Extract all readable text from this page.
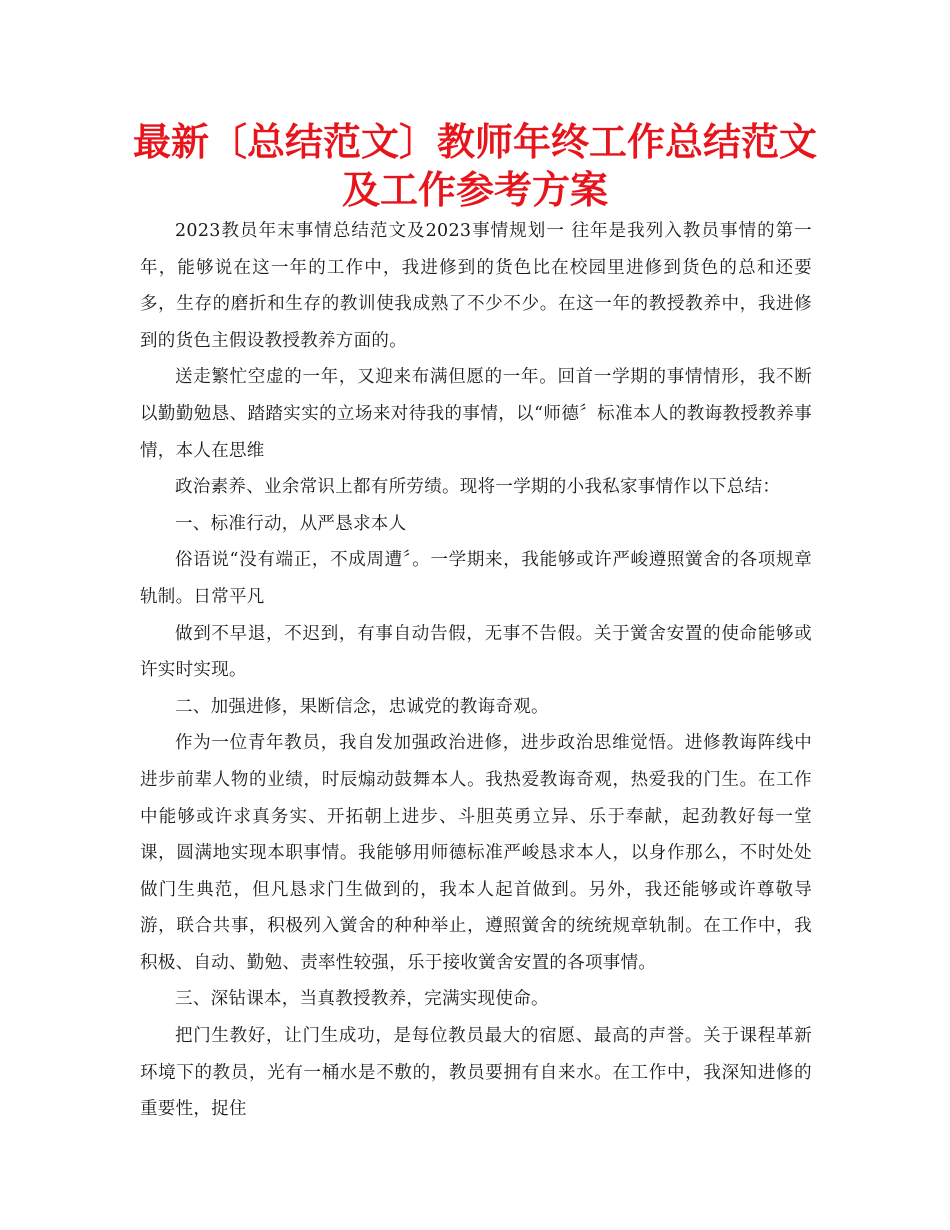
最新〔总结范文〕教师年终工作总结范文及工作参考方案

2023教员年末事情总结范文及2023事情规划一 往年是我列入教员事情的第一年，能够说在这一年的工作中，我进修到的货色比在校园里进修到货色的总和还要多，生存的磨折和生存的教训使我成熟了不少不少。在这一年的教授教养中，我进修到的货色主假设教授教养方面的。

送走繁忙空虚的一年，又迎来布满但愿的一年。回首一学期的事情情形，我不断以勤勤勉恳、踏踏实实的立场来对待我的事情，以“师德〞标准本人的教诲教授教养事情，本人在思维

政治素养、业余常识上都有所劳绩。现将一学期的小我私家事情作以下总结：

一、标准行动，从严恳求本人

俗语说“没有端正，不成周遭〞。一学期来，我能够或许严峻遵照黉舍的各项规章轨制。日常平凡

做到不早退，不迟到，有事自动告假，无事不告假。关于黉舍安置的使命能够或许实时实现。

二、加强进修，果断信念，忠诚党的教诲奇观。

作为一位青年教员，我自发加强政治进修，进步政治思维觉悟。进修教诲阵线中进步前辈人物的业绩，时辰煽动鼓舞本人。我热爱教诲奇观，热爱我的门生。在工作中能够或许求真务实、开拓朝上进步、斗胆英勇立异、乐于奉献，起劲教好每一堂课，圆满地实现本职事情。我能够用师德标准严峻恳求本人，以身作那么，不时处处做门生典范，但凡恳求门生做到的，我本人起首做到。另外，我还能够或许尊敬导游，联合共事，积极列入黉舍的种种举止，遵照黉舍的统统规章轨制。在工作中，我积极、自动、勤勉、责率性较强，乐于接收黉舍安置的各项事情。

三、深钻课本，当真教授教养，完满实现使命。

把门生教好，让门生成功，是每位教员最大的宿愿、最高的声誉。关于课程革新环境下的教员，光有一桶水是不敷的，教员要拥有自来水。在工作中，我深知进修的重要性，捉住
